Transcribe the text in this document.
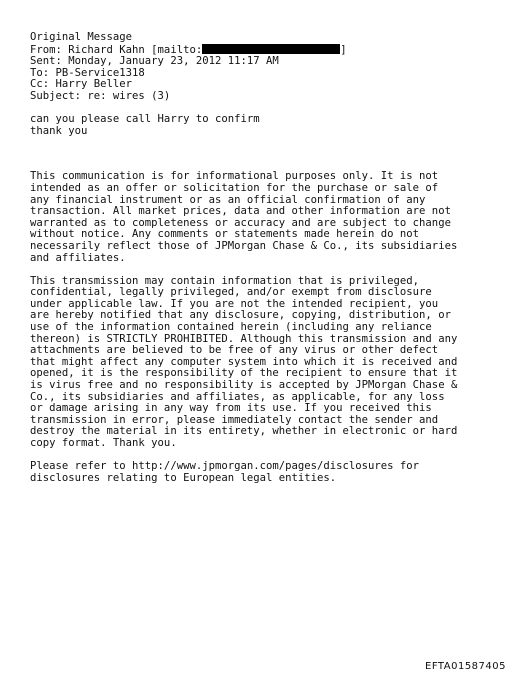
Original Message
From: Richard Kahn [mailto:	]
Sent: Monday, January 23, 2012 11:17 AM
To: PB-Service1318
Cc: Harry Beller
Subject: re: wires (3)
can you please call Harry to confirm
thank you
This communication is for informational purposes only. It is not
intended as an offer or solicitation for the purchase or sale of
any financial instrument or as an official confirmation of any
transaction. All market prices, data and other information are not
warranted as to completeness or accuracy and are subject to change
without notice. Any comments or statements made herein do not
necessarily reflect those of JPMorgan Chase & Co., its subsidiaries
and affiliates.
This transmission may contain information that is privileged,
confidential, legally privileged, and/or exempt from disclosure
under applicable law. If you are not the intended recipient, you
are hereby notified that any disclosure, copying, distribution, or
use of the information contained herein (including any reliance
thereon) is STRICTLY PROHIBITED. Although this transmission and any
attachments are believed to be free of any virus or other defect
that might affect any computer system into which it is received and
opened, it is the responsibility of the recipient to ensure that it
is virus free and no responsibility is accepted by JPMorgan Chase &
Co., its subsidiaries and affiliates, as applicable, for any loss
or damage arising in any way from its use. If you received this
transmission in error, please immediately contact the sender and
destroy the material in its entirety, whether in electronic or hard
copy format. Thank you.
Please refer to http://www.jpmorgan.com/pages/disclosures for
disclosures relating to European legal entities.
EFTA01587405
